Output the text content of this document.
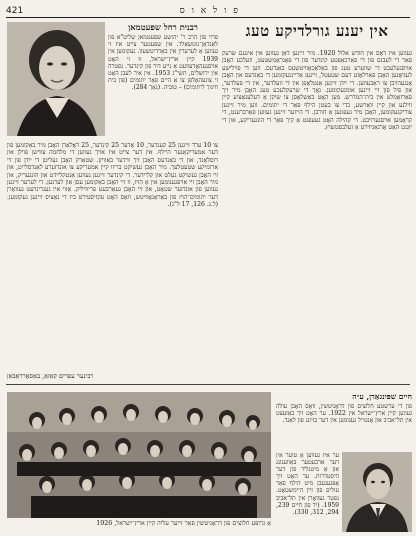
421	פ ו ל א ו ס
רבנית רחל שפעטמאן
פרוי פון הרב ר' יהושע שפעטמאן שליט"א פון לאַנדאַן־גוטשאַלד. אין שפעטער צייט איז זי געווען אַ לערערין אין באַרדיטשעוו. געקומען אין 1939 קיין ארץ־ישראל, ווּ זי האָט אויסגעהאָדעוועט אַ נייע דור פון קינדער. נפטרה אין ירושלים, תשי"ג 1953. אין איר לעבן האָט זי צוגעהאָלפן צו אַ היים פאַר יתומים (פון בית חינוך ליתומים) – טוביה. (נאָך 284).
אין יענע גורלדיקע טעג
געווען איז דאָס אין חודש אלול 1920. מיר זיינען דאַן געווען אין אינעם שרעק פאַר די לעבנס פון די פאַרכאַפּטע קינדער פון די פּאָגראָמשטעט, וועלכע האָבן אויסגעלעבט די שווערע טעג פון באַלאַכאָוויטשעס באַנדעס. ווען די פוילישע לעגיאָנען האָבן פאַרלאָזט דעם שטעטל, זיינען אַריינגעקומען די באַנדעס און האָבן אָנגעהויבן צו ראַבעווען. די ייִדן זיינען אַנטלאָפן אין די וועלדער, אין די פעלדער, און פיל פון זיי זיינען אומגעקומען. נאָך די שרעקלעכע טעג האָבן מיר זיך פאַרזאַמלט אין בית־המדרש. מען האָט באַשלאָסן צו שיקן אַ דעלעגאַציע קיין ווילנע און קיין וואַרשע, כדי צו בעטן הילף פאַר די יתומים. ווען מיר זיינען צוריקגעקומען, האָבן מיר געפונען אַ חורבן. די הייזער זיינען געווען פאַרברענט, די קראָמען אויסגערויבט. די קהילה האָט געעפנט אַ קיך פאַר די הונגעריקע, און די יוגנט האָט אָרגאַניזירט אַ זעלבסטשוץ.
צו 10 ערד זיינען 25 קענדער, 10 אָדער 25 קינדער, 25 דאָלאַרן האָבן מיר באַקומען פון דער אמעריקאַנער היילף. אין דער צייט איז אויך געווען די מלחמה צווישן פוילן און רוסלאַנד, און די באַנדעס האָבן זיך ווידער באַוויזן. שטאַרק האָבן געליטן די ייִדן פון די ארומיקע שטעטלעך. מיר האָבן געשיקט בריוו קיין אמעריקע צו אונדזערע לאַנדסלייט, און זיי האָבן געשיקט געלט און קליידער. די קינדער זיינען געווען אַנטקליידט און הונגעריק, און מיר האָבן זיי אויפגענומען אין אַ הויז, ווּ זיי האָבן באַקומען עסן און לערנען. די לערער זיינען געווען פון אונדזער שטאָט, און זיי האָבן געאַרבעט פריוויליק. אַזוי איז געגרינדעט געוואָרן דער יתומים־הויז פון באַראַנאָוויטש, וואָס האָט עקזיסטירט ביז די נאַציס זיינען געקומען. (ל.ג. 126, 17 ל"ג).
רבינער עפרים קאַזאַ, באַסאָרראַבאַן
אַ גרופּע חלוצים פון דראָגיטשין פאַר זייער עליה קיין ארץ־ישראל, 1926
חיים שפּינגאַרן, ע״ה
פון די ערשטע חלוצים פון דראָגיטשין, וואָס האָבן עולה געווען קיין ארץ־ישראל אין 1922. ער האָט זיך באַזעצט אין תל־אביב און אָנטייל גענומען אין דער בויונג פון לאַנד.
ער איז געווען אַ טוער אין דער ארבעטער באַוועגונג און אַ מיטגליד פון דער היסטדרות. ער האָט זיך אָפּגעגעבן מיט הילף פאַר עולים פון זיין היימשטאָט. נפטר געוואָרן אין תל־אביב 1959. (יד פון חיים 239, 294, 312, 330).
